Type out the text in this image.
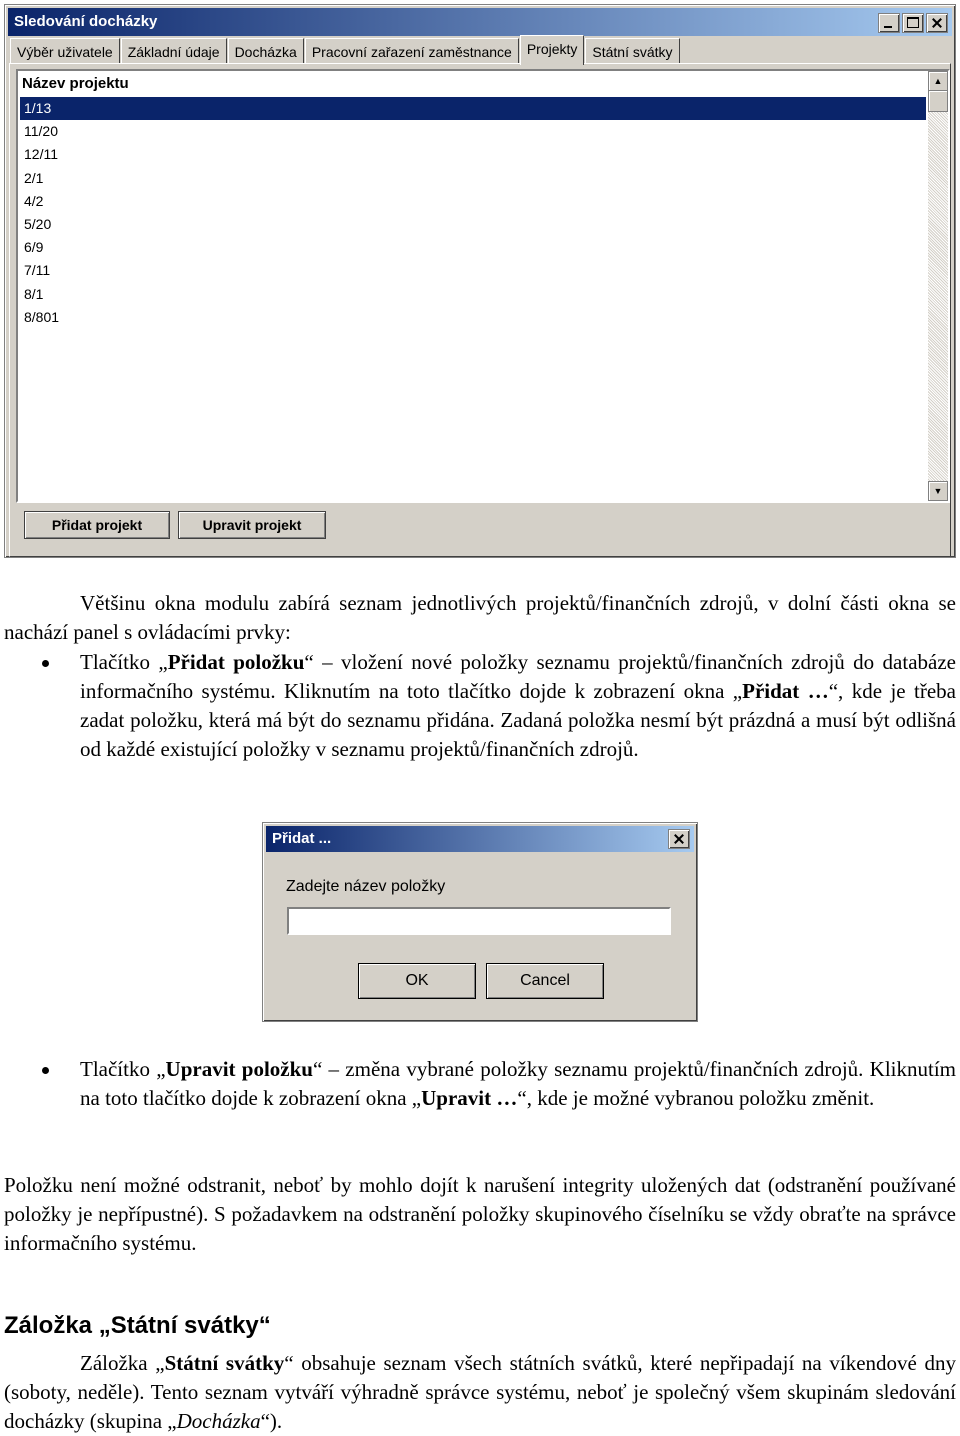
Sledování docházky
Výběr uživatele	Základní údaje	Docházka	Pracovní zařazení zaměstnance	Projekty	Státní svátky
Název projektu
1/13
11/20
12/11
2/1
4/2
5/20
6/9
7/11
8/1
8/801
▲
▼
Přidat projekt	Upravit projekt
Většinu okna modulu zabírá seznam jednotlivých projektů/finančních zdrojů, v dolní části okna se nachází panel s ovládacími prvky:
Tlačítko „Přidat položku“ – vložení nové položky seznamu projektů/finančních zdrojů do databáze informačního systému. Kliknutím na toto tlačítko dojde k zobrazení okna „Přidat …“, kde je třeba zadat položku, která má být do seznamu přidána. Zadaná položka nesmí být prázdná a musí být odlišná od každé existující položky v seznamu projektů/finančních zdrojů.
Přidat ...
Zadejte název položky
OK	Cancel
Tlačítko „Upravit položku“ – změna vybrané položky seznamu projektů/finančních zdrojů. Kliknutím na toto tlačítko dojde k zobrazení okna „Upravit …“, kde je možné vybranou položku změnit.
Položku není možné odstranit, neboť by mohlo dojít k narušení integrity uložených dat (odstranění používané položky je nepřípustné). S požadavkem na odstranění položky skupinového číselníku se vždy obraťte na správce informačního systému.
Záložka „Státní svátky“
Záložka „Státní svátky“ obsahuje seznam všech státních svátků, které nepřipadají na víkendové dny (soboty, neděle). Tento seznam vytváří výhradně správce systému, neboť je společný všem skupinám sledování docházky (skupina „Docházka“).
